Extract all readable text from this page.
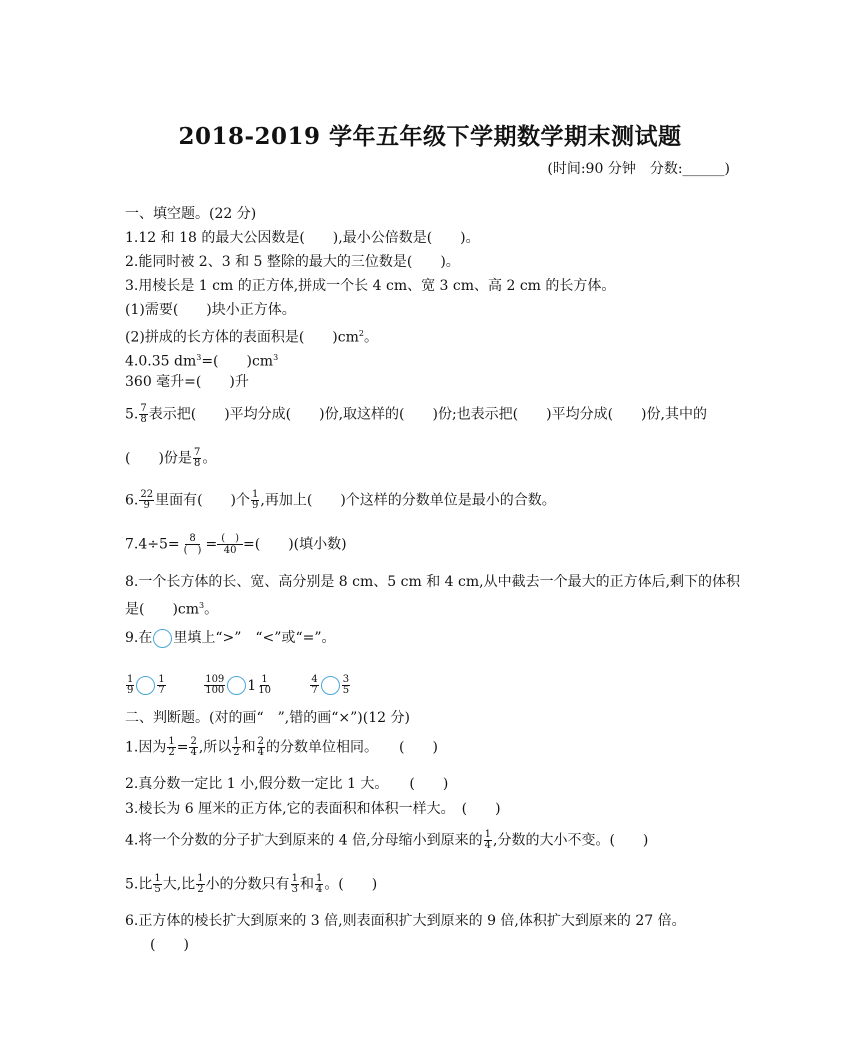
2018-2019 学年五年级下学期数学期末测试题
(时间:90 分钟　分数:______)
一、填空题。(22 分)
1.12 和 18 的最大公因数是(　　),最小公倍数是(　　)。
2.能同时被 2、3 和 5 整除的最大的三位数是(　　)。
3.用棱长是 1 cm 的正方体,拼成一个长 4 cm、宽 3 cm、高 2 cm 的长方体。
(1)需要(　　)块小正方体。
(2)拼成的长方体的表面积是(　　)$cm^2$。
4.0.35 $dm^3=$(　　)$cm^3$
360 毫升=(　　)升
5. $\frac{7}{8}$ 表示把(　　)平均分成(　　)份,取这样的(　　)份;也表示把(　　)平均分成(　　)份,其中的
(　　)份是 $\frac{7}{8}$ 。
6. $\frac{22}{9}$ 里面有(　　)个 $\frac{1}{9}$ ,再加上(　　)个这样的分数单位是最小的合数。
$7.4\div 5= \frac{8}{( )} = \frac{( )}{40}$ =(　　)(填小数)
8.一个长方体的长、宽、高分别是 8 cm、5 cm 和 4 cm,从中截去一个最大的正方体后,剩下的体积
是(　　)$cm^3$。
9.在 里填上“>”　“<”或“=”。
$\frac{1}{9} \frac{1}{7}$
	$\frac{109}{100} 1 \frac{1}{10}$
	$\frac{4}{7} \frac{3}{5}$
二、判断题。(对的画“　”,错的画“×”)(12 分)
1.因为 $\frac{1}{2} = \frac{2}{4}$ ,所以 $\frac{1}{2}$ 和 $\frac{2}{4}$ 的分数单位相同。　　(　　)
2.真分数一定比 1 小,假分数一定比 1 大。　　(　　)
3.棱长为 6 厘米的正方体,它的表面积和体积一样大。　(　　)
4.将一个分数的分子扩大到原来的 4 倍,分母缩小到原来的 $\frac{1}{4}$ ,分数的大小不变。(　　)
5.比 $\frac{1}{5}$ 大,比 $\frac{1}{2}$ 小的分数只有 $\frac{1}{3}$ 和 $\frac{1}{4}$ 。(　　)
6.正方体的棱长扩大到原来的 3 倍,则表面积扩大到原来的 9 倍,体积扩大到原来的 27 倍。
(　　)
